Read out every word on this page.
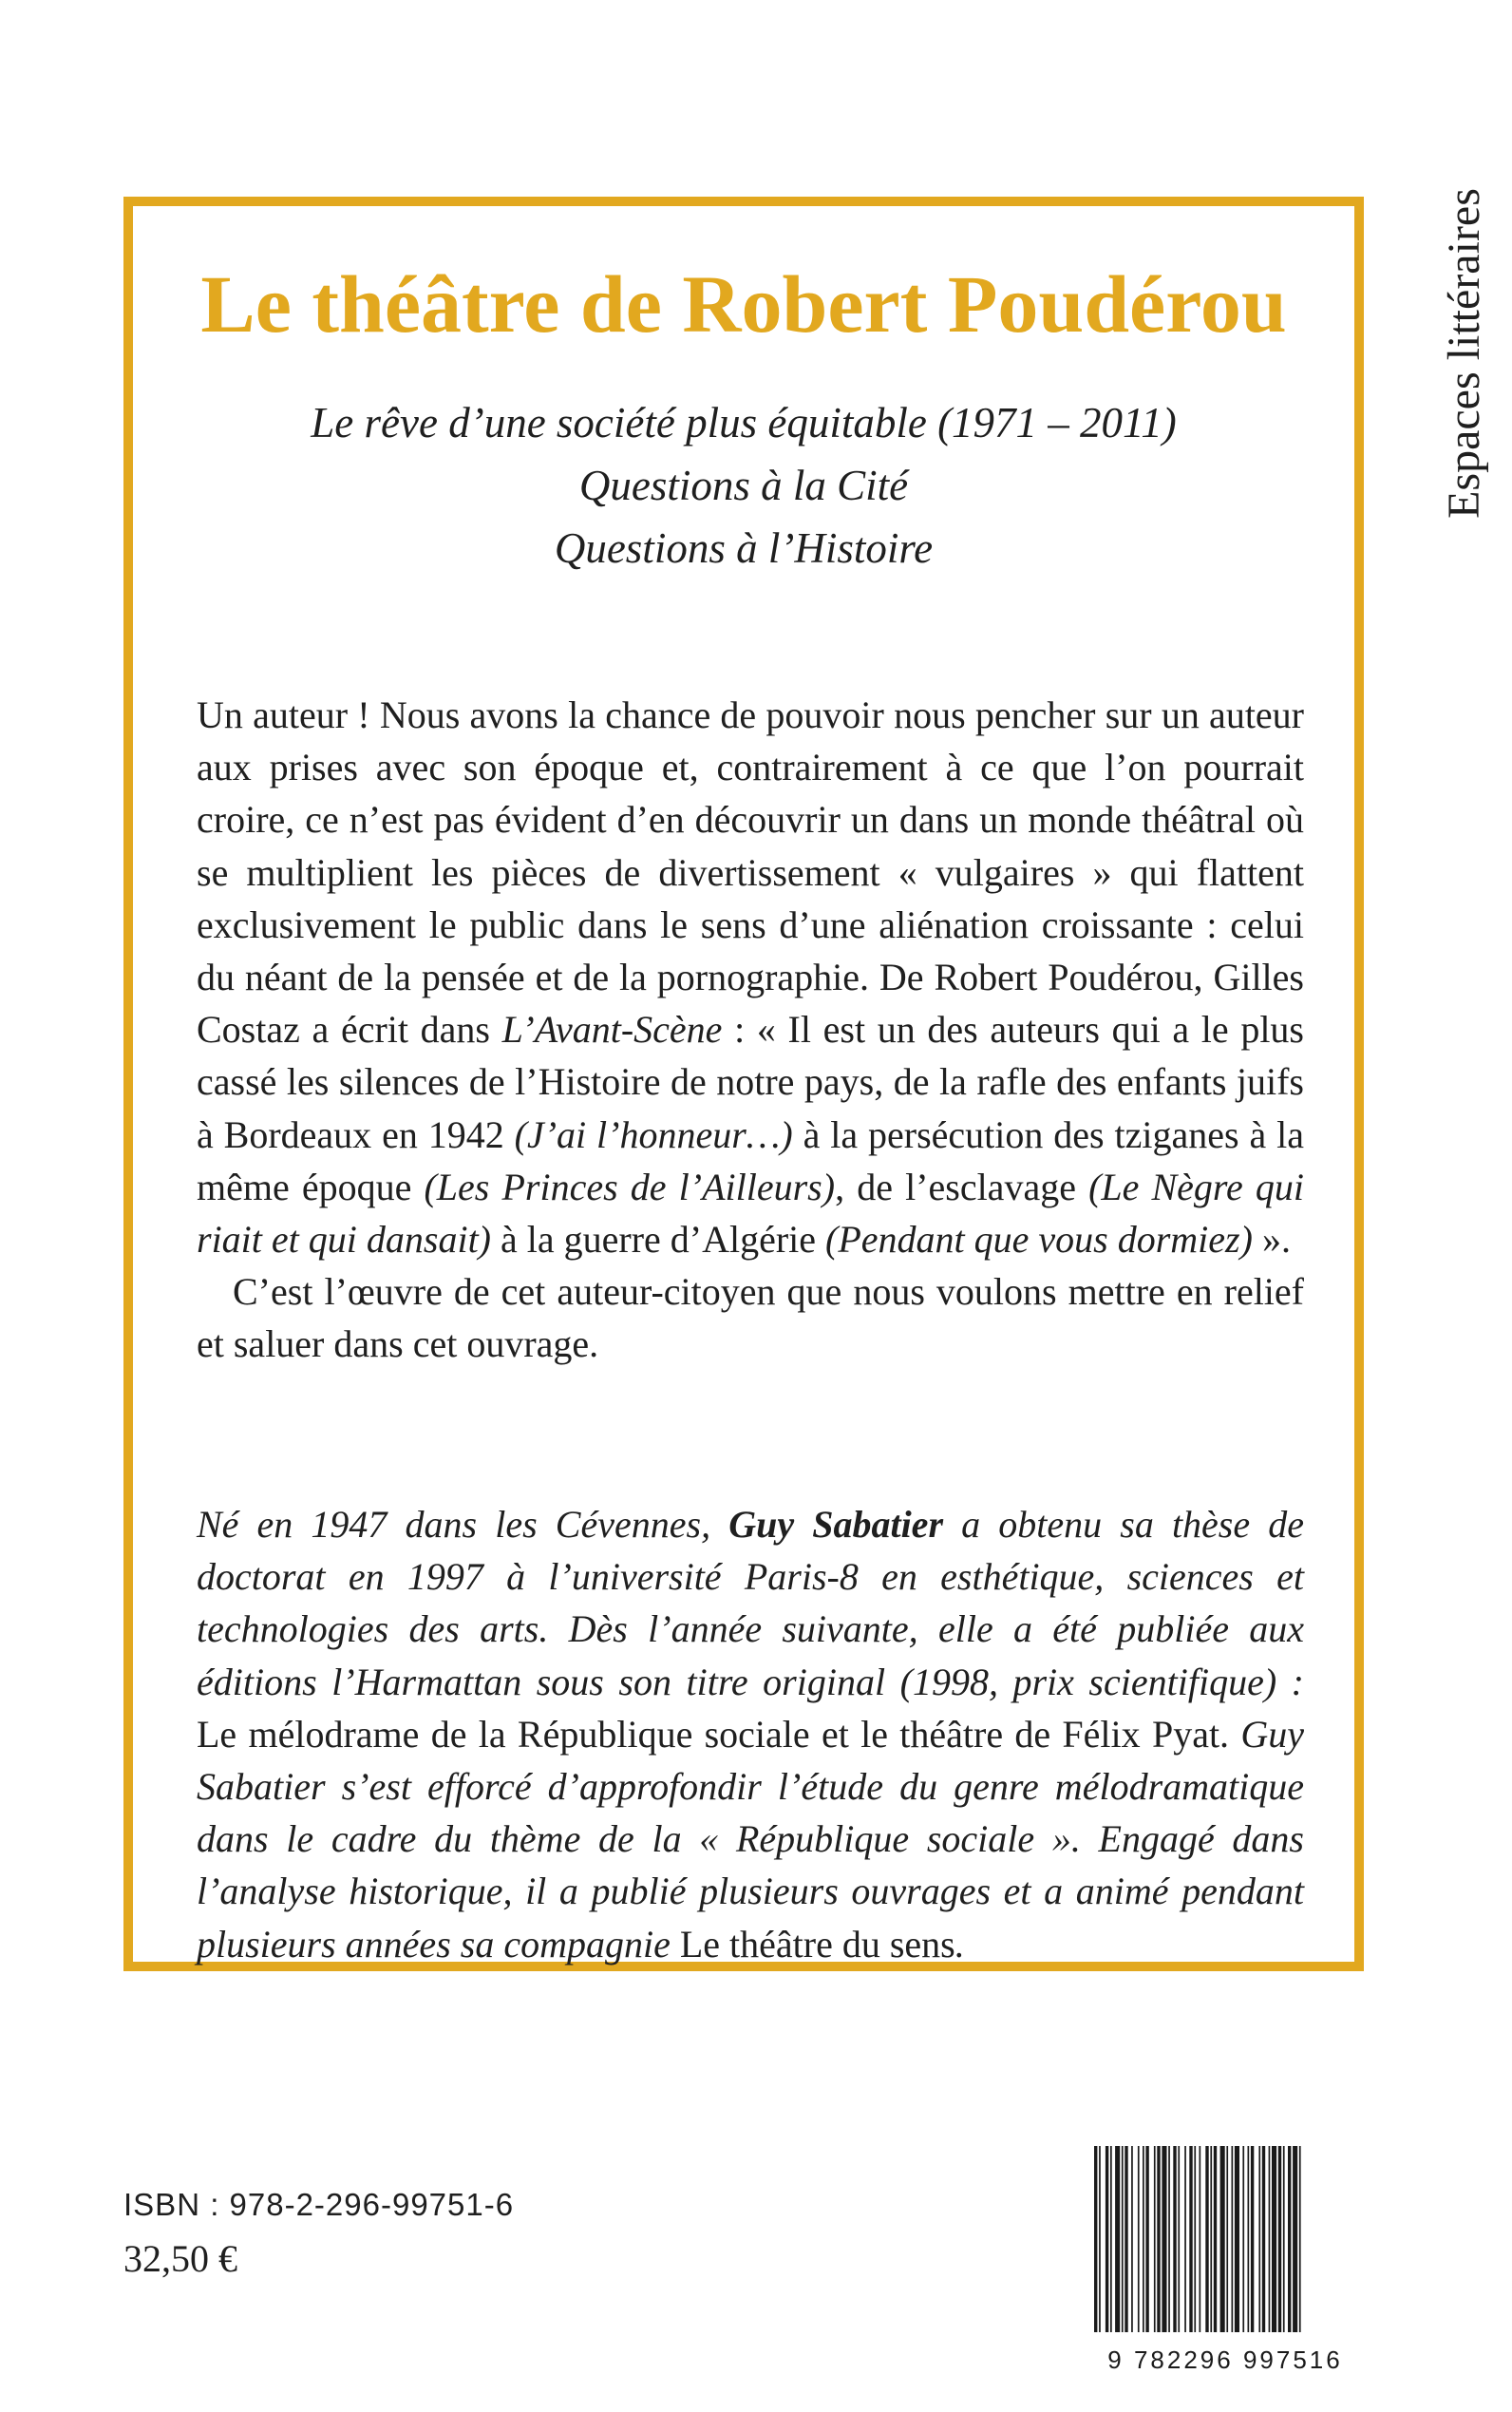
Le théâtre de Robert Poudérou
Le rêve d’une société plus équitable (1971 – 2011)
Questions à la Cité
Questions à l’Histoire

Un auteur ! Nous avons la chance de pouvoir nous pencher sur un auteur aux prises avec son époque et, contrairement à ce que l’on pourrait croire, ce n’est pas évident d’en découvrir un dans un monde théâtral où se multiplient les pièces de divertissement « vulgaires » qui flattent exclusivement le public dans le sens d’une aliénation croissante : celui du néant de la pensée et de la pornographie. De Robert Poudérou, Gilles Costaz a écrit dans L’Avant-Scène : « Il est un des auteurs qui a le plus cassé les silences de l’Histoire de notre pays, de la rafle des enfants juifs à Bordeaux en 1942 (J’ai l’honneur…) à la persécution des tziganes à la même époque (Les Princes de l’Ailleurs), de l’esclavage (Le Nègre qui riait et qui dansait) à la guerre d’Algérie (Pendant que vous dormiez) ».

C’est l’œuvre de cet auteur-citoyen que nous voulons mettre en relief et saluer dans cet ouvrage.

Né en 1947 dans les Cévennes, Guy Sabatier a obtenu sa thèse de doctorat en 1997 à l’université Paris-8 en esthétique, sciences et technologies des arts. Dès l’année suivante, elle a été publiée aux éditions l’Harmattan sous son titre original (1998, prix scientifique) : Le mélodrame de la République sociale et le théâtre de Félix Pyat. Guy Sabatier s’est efforcé d’approfondir l’étude du genre mélodramatique dans le cadre du thème de la « République sociale ». Engagé dans l’analyse historique, il a publié plusieurs ouvrages et a animé pendant plusieurs années sa compagnie Le théâtre du sens.

Espaces littéraires
ISBN : 978-2-296-99751-6
32,50 €
9 782296 997516
